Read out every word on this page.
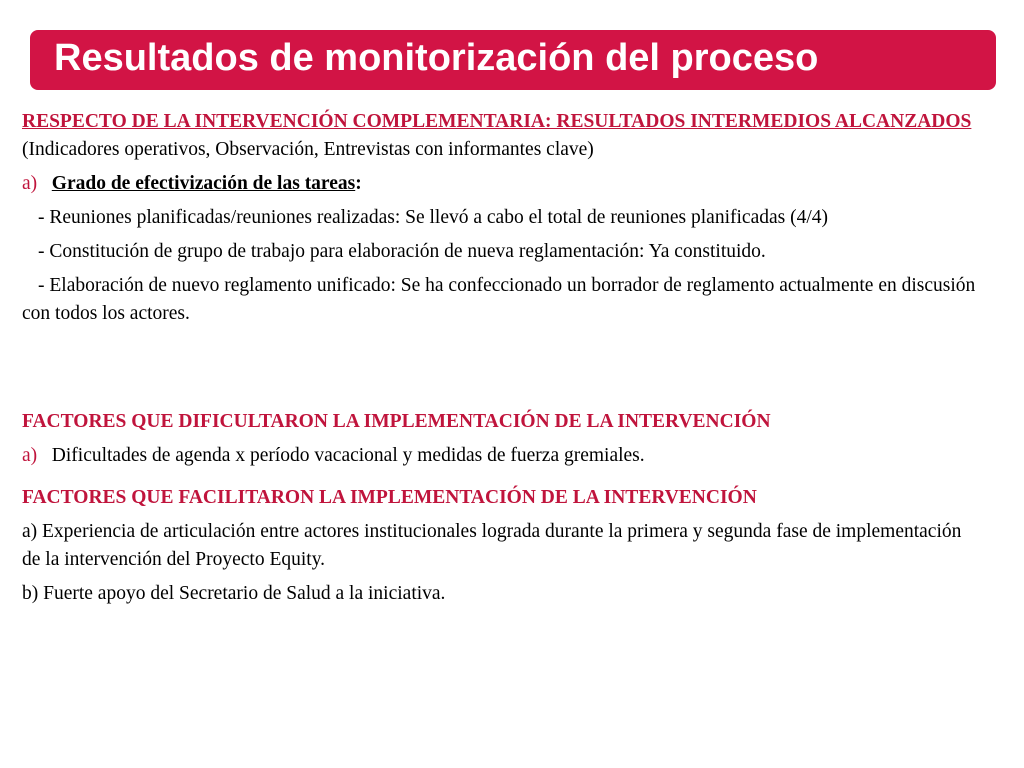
Resultados de monitorización del proceso

RESPECTO DE LA INTERVENCIÓN COMPLEMENTARIA: RESULTADOS INTERMEDIOS ALCANZADOS (Indicadores operativos, Observación, Entrevistas con informantes clave)

a) Grado de efectivización de las tareas:

- Reuniones planificadas/reuniones realizadas: Se llevó a cabo el total de reuniones planificadas (4/4)

- Constitución de grupo de trabajo para elaboración de nueva reglamentación: Ya constituido.

- Elaboración de nuevo reglamento unificado: Se ha confeccionado un borrador de reglamento actualmente en discusión con todos los actores.

FACTORES QUE DIFICULTARON LA IMPLEMENTACIÓN DE LA INTERVENCIÓN

a) Dificultades de agenda x período vacacional y medidas de fuerza gremiales.

FACTORES QUE FACILITARON LA IMPLEMENTACIÓN DE LA INTERVENCIÓN

a) Experiencia de articulación entre actores institucionales lograda durante la primera y segunda fase de implementación de la intervención del Proyecto Equity.

b) Fuerte apoyo del Secretario de Salud a la iniciativa.
